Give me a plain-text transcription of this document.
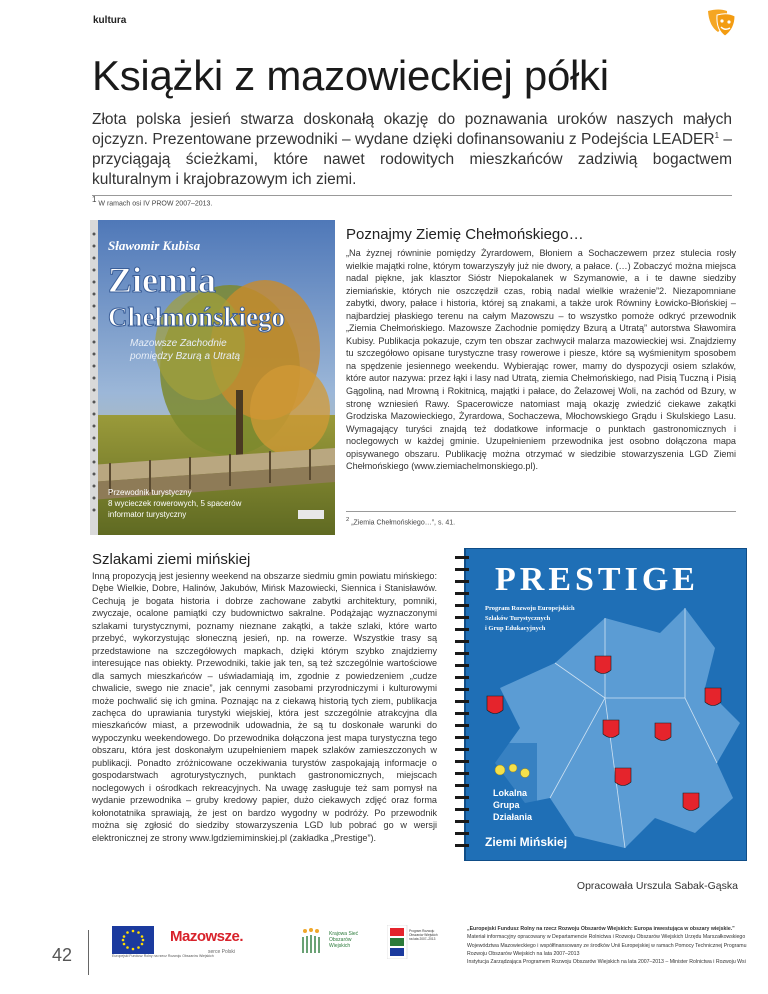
kultura
Książki z mazowieckiej półki

Złota polska jesień stwarza doskonałą okazję do poznawania uroków naszych małych ojczyzn. Prezentowane przewodniki – wydane dzięki dofinansowaniu z Podejścia LEADER$^1$ – przyciągają ścieżkami, które nawet rodowitych mieszkańców zadziwią bogactwem kulturalnym i krajobrazowym ich ziemi.

$^1$ W ramach osi IV PROW 2007–2013.
Sławomir Kubisa
Ziemia
Chełmońskiego
Mazowsze Zachodnie
pomiędzy Bzurą a Utratą
Przewodnik turystyczny
8 wycieczek rowerowych, 5 spacerów
informator turystyczny
Poznajmy Ziemię Chełmońskiego…

„Na żyznej równinie pomiędzy Żyrardowem, Błoniem a Sochaczewem przez stulecia rosły wielkie majątki rolne, którym towarzyszyły już nie dwory, a pałace. (…) Zobaczyć można miejsca nadal piękne, jak klasztor Sióstr Niepokalanek w Szymanowie, a i te dawne siedziby ziemiańskie, których nie oszczędził czas, robią nadal wielkie wrażenie”2. Niezapomniane zabytki, dwory, pałace i historia, której są znakami, a także urok Równiny Łowicko-Błońskiej – najbardziej płaskiego terenu na całym Mazowszu – to wszystko pomoże odkryć przewodnik „Ziemia Chełmońskiego. Mazowsze Zachodnie pomiędzy Bzurą a Utratą” autorstwa Sławomira Kubisy. Publikacja pokazuje, czym ten obszar zachwycił malarza mazowieckiej wsi. Znajdziemy tu szczegółowo opisane turystyczne trasy rowerowe i piesze, które są wyśmienitym sposobem na spędzenie jesiennego weekendu. Wybierając rower, mamy do dyspozycji osiem szlaków, które autor nazywa: przez łąki i lasy nad Utratą, ziemia Chełmońskiego, nad Pisią Tuczną i Pisią Gągoliną, nad Mrowną i Rokitnicą, majątki i pałace, do Żelazowej Woli, na zachód od Bzury, w stronę wzniesień Rawy. Spacerowicze natomiast mają okazję zwiedzić ciekawe zakątki Grodziska Mazowieckiego, Żyrardowa, Sochaczewa, Młochowskiego Grądu i Skulskiego Lasu. Wymagający turyści znajdą też dodatkowe informacje o punktach gastronomicznych i noclegowych w każdej gminie. Uzupełnieniem przewodnika jest osobno dołączona mapa opisywanego obszaru. Publikację można otrzymać w siedzibie stowarzyszenia LGD Ziemi Chełmońskiego (www.ziemiachelmonskiego.pl).

$^2$ „Ziemia Chełmońskiego…”, s. 41.
Szlakami ziemi mińskiej

Inną propozycją jest jesienny weekend na obszarze siedmiu gmin powiatu mińskiego: Dębe Wielkie, Dobre, Halinów, Jakubów, Mińsk Mazowiecki, Siennica i Stanisławów. Cechują je bogata historia i dobrze zachowane zabytki architektury, pomniki, zwyczaje, ocalone pamiątki czy budownictwo sakralne. Podążając wyznaczonymi szlakami turystycznymi, poznamy nieznane zakątki, a także szlaki, które warto przebyć, wykorzystując słoneczną jesień, np. na rowerze. Wszystkie trasy są przedstawione na szczegółowych mapkach, dzięki którym szybko znajdziemy interesujące nas obiekty. Przewodniki, takie jak ten, są też szczególnie wartościowe dla samych mieszkańców – uświadamiają im, zgodnie z powiedzeniem „cudze chwalicie, swego nie znacie”, jak cennymi zasobami przyrodniczymi i kulturowymi może pochwalić się ich gmina. Poznając na z ciekawą historią tych ziem, publikacja zachęca do uprawiania turystyki wiejskiej, która jest szczególnie atrakcyjna dla mieszkańców miast, a przewodnik udowadnia, że są tu doskonałe warunki do wypoczynku weekendowego. Do przewodnika dołączona jest mapa turystyczna tego obszaru, która jest doskonałym uzupełnieniem mapek szlaków zamieszczonych w publikacji. Ponadto zróżnicowane oczekiwania turystów zaspokajają informacje o gospodarstwach agroturystycznych, punktach gastronomicznych, miejscach noclegowych i ośrodkach rekreacyjnych. Na uwagę zasługuje też sam pomysł na wydanie przewodnika – gruby kredowy papier, dużo ciekawych zdjęć oraz forma kołonotatnika sprawiają, że jest on bardzo wygodny w podróży. Po przewodnik można się zgłosić do siedziby stowarzyszenia LGD lub pobrać go w wersji elektronicznej ze strony www.lgdziemiminskiej.pl (zakładka „Prestige”).

PRESTIGE
Program Rozwoju Europejskich
Szlaków Turystycznych
i Grup Edukacyjnych
Lokalna
Grupa
Działania
Ziemi Mińskiej
Opracowała Urszula Sabak-Gąska
42	Europejski Fundusz Rolny na rzecz Rozwoju Obszarów Wiejskich
Mazowsze.
serce Polski
Krajowa Sieć Obszarów Wiejskich
Program Rozwoju Obszarów Wiejskich na lata 2007–2013
„Europejski Fundusz Rolny na rzecz Rozwoju Obszarów Wiejskich: Europa inwestująca w obszary wiejskie.”
Materiał informacyjny opracowany w Departamencie Rolnictwa i Rozwoju Obszarów Wiejskich Urzędu Marszałkowskiego
Województwa Mazowieckiego i współfinansowany ze środków Unii Europejskiej w ramach Pomocy Technicznej Programu
Rozwoju Obszarów Wiejskich na lata 2007–2013
Instytucja Zarządzająca Programem Rozwoju Obszarów Wiejskich na lata 2007–2013 – Minister Rolnictwa i Rozwoju Wsi
